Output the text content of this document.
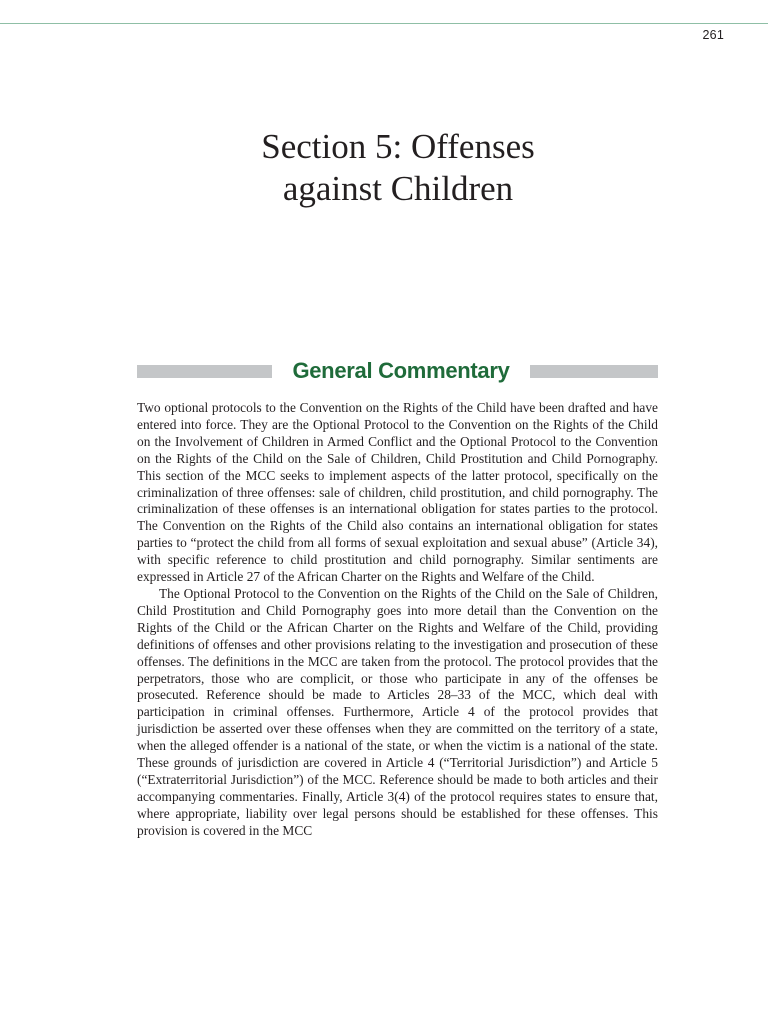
261
Section 5: Offenses
against Children
General Commentary

Two optional protocols to the Convention on the Rights of the Child have been drafted and have entered into force. They are the Optional Protocol to the Convention on the Rights of the Child on the Involvement of Children in Armed Conflict and the Optional Protocol to the Convention on the Rights of the Child on the Sale of Children, Child Prostitution and Child Pornography. This section of the MCC seeks to implement aspects of the latter protocol, specifically on the criminalization of three offenses: sale of children, child prostitution, and child pornography. The criminalization of these offenses is an international obligation for states parties to the protocol. The Convention on the Rights of the Child also contains an international obligation for states parties to “protect the child from all forms of sexual exploitation and sexual abuse” (Article 34), with specific reference to child prostitution and child pornography. Similar sentiments are expressed in Article 27 of the African Charter on the Rights and Welfare of the Child.

The Optional Protocol to the Convention on the Rights of the Child on the Sale of Children, Child Prostitution and Child Pornography goes into more detail than the Convention on the Rights of the Child or the African Charter on the Rights and Welfare of the Child, providing definitions of offenses and other provisions relating to the investigation and prosecution of these offenses. The definitions in the MCC are taken from the protocol. The protocol provides that the perpetrators, those who are complicit, or those who participate in any of the offenses be prosecuted. Reference should be made to Articles 28–33 of the MCC, which deal with participation in criminal offenses. Furthermore, Article 4 of the protocol provides that jurisdiction be asserted over these offenses when they are committed on the territory of a state, when the alleged offender is a national of the state, or when the victim is a national of the state. These grounds of jurisdiction are covered in Article 4 (“Territorial Jurisdiction”) and Article 5 (“Extraterritorial Jurisdiction”) of the MCC. Reference should be made to both articles and their accompanying commentaries. Finally, Article 3(4) of the protocol requires states to ensure that, where appropriate, liability over legal persons should be established for these offenses. This provision is covered in the MCC
